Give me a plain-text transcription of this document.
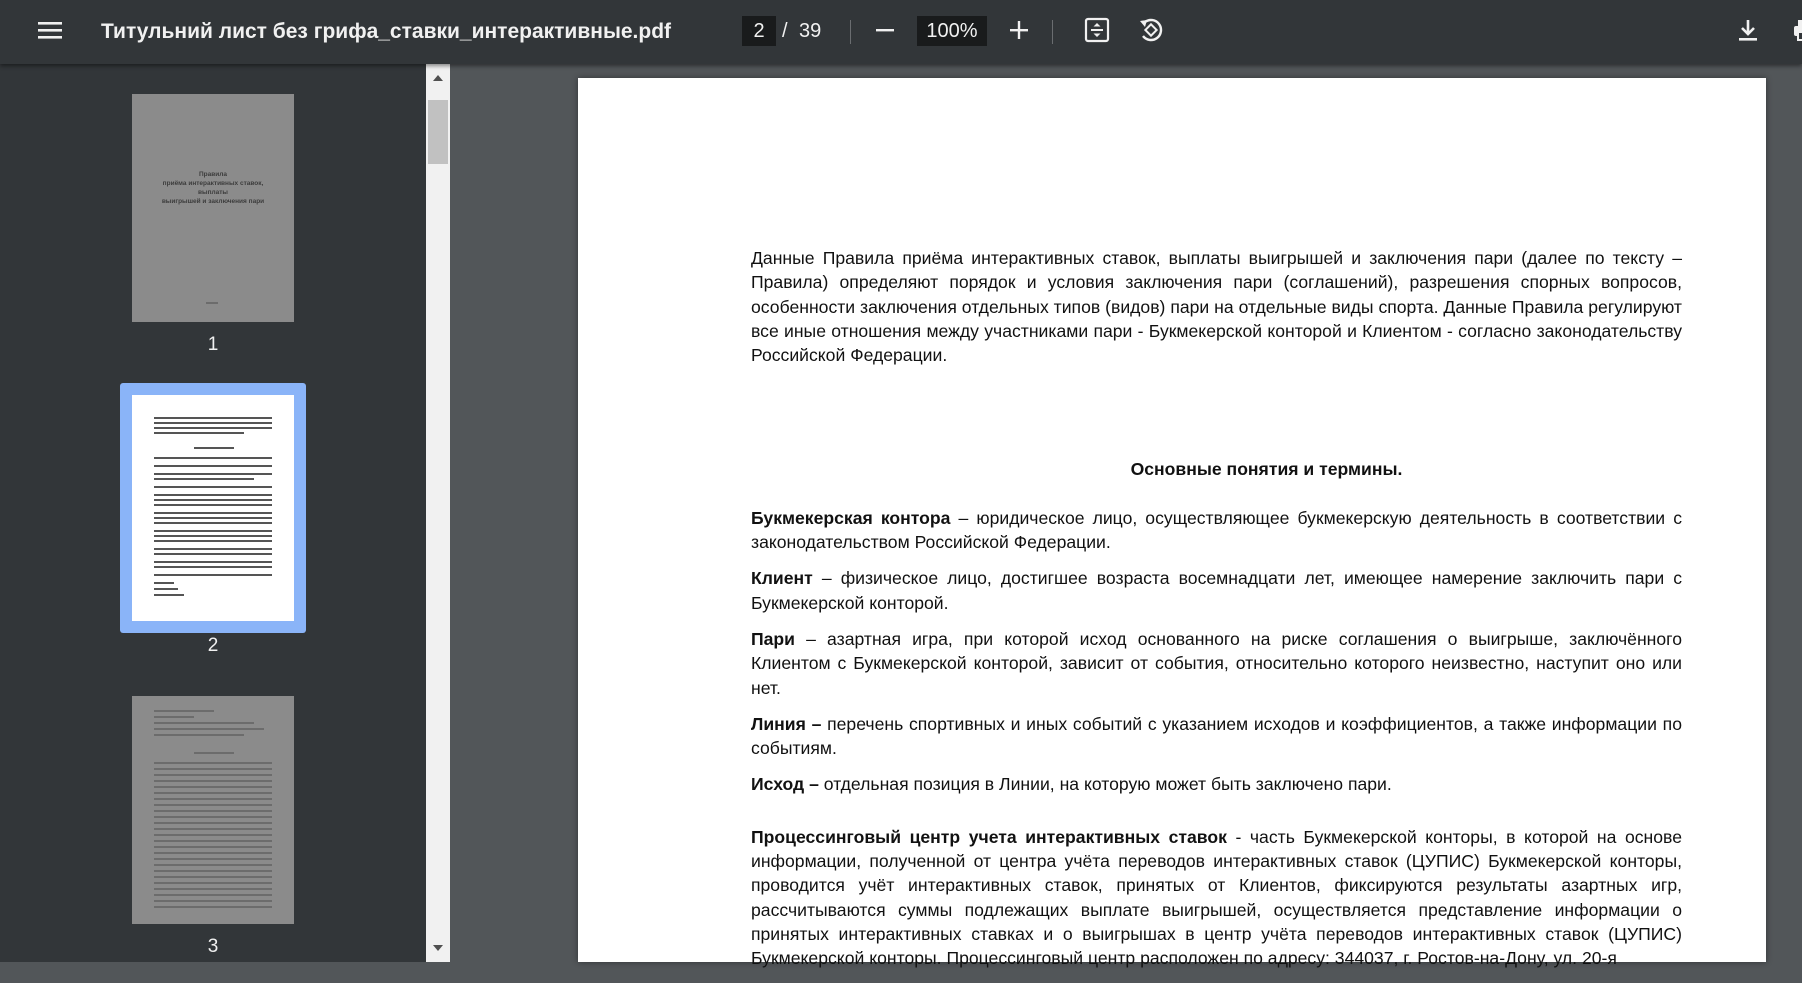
Титульний лист без грифа_ставки_интерактивные.pdf	2 / 39	100%
Правила
приёма интерактивных ставок, выплаты
выигрышей и заключения пари
1
2
3

Данные Правила приёма интерактивных ставок, выплаты выигрышей и заключения пари (далее по тексту – Правила) определяют порядок и условия заключения пари (соглашений), разрешения спорных вопросов, особенности заключения отдельных типов (видов) пари на отдельные виды спорта. Данные Правила регулируют все иные отношения между участниками пари - Букмекерской конторой и Клиентом - согласно законодательству Российской Федерации.

Основные понятия и термины.

Букмекерская контора – юридическое лицо, осуществляющее букмекерскую деятельность в соответствии с законодательством Российской Федерации.

Клиент – физическое лицо, достигшее возраста восемнадцати лет, имеющее намерение заключить пари с Букмекерской конторой.

Пари – азартная игра, при которой исход основанного на риске соглашения о выигрыше, заключённого Клиентом с Букмекерской конторой, зависит от события, относительно которого неизвестно, наступит оно или нет.

Линия – перечень спортивных и иных событий с указанием исходов и коэффициентов, а также информации по событиям.

Исход – отдельная позиция в Линии, на которую может быть заключено пари.

Процессинговый центр учета интерактивных ставок - часть Букмекерской конторы, в которой на основе информации, полученной от центра учёта переводов интерактивных ставок (ЦУПИС) Букмекерской конторы, проводится учёт интерактивных ставок, принятых от Клиентов, фиксируются результаты азартных игр, рассчитываются суммы подлежащих выплате выигрышей, осуществляется представление информации о принятых интерактивных ставках и о выигрышах в центр учёта переводов интерактивных ставок (ЦУПИС) Букмекерской конторы. Процессинговый центр расположен по адресу: 344037, г. Ростов-на-Дону, ул. 20-я
